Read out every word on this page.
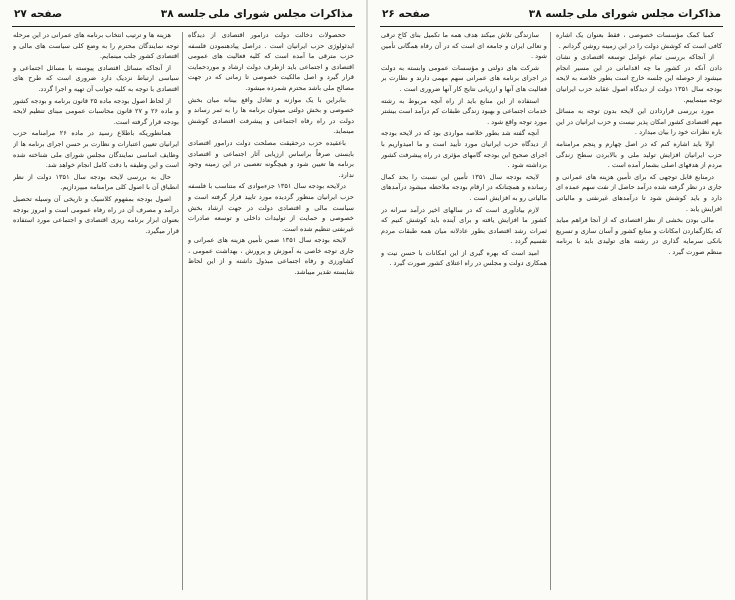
مذاکرات مجلس شورای ملی
جلسه ۳۸
صفحه ۲۷

ححصولات دخالت دولت درامور اقتصادی از دیدگاه ایدئولوژی حزب ایرانیان است . دراصل پیادهنمودن فلسفه حزب مترقی ما آمده است که کلیه فعالیت های عمومی اقتصادی و اجتماعی باید ازطرف دولت ارشاد و موردحمایت قرار گیرد و اصل مالکیت خصوصی تا زمانی که در جهت مصالح ملی باشد محترم شمرده میشود.

بنابراین با یک موازنه و تعادل واقع بینانه میان بخش خصوصی و بخش دولتی میتوان برنامه ها را به ثمر رساند و دولت در راه رفاه اجتماعی و پیشرفت اقتصادی کوشش مینماید.

باعقیده حزب درحقیقت مصلحت دولت درامور اقتصادی بایستی صرفاً براساس ارزیابی آثار اجتماعی و اقتصادی برنامه ها تعیین شود و هیچگونه تعصبی در این زمینه وجود ندارد.

درلایحه بودجه سال ۱۳۵۱ جزءموادی که متناسب با فلسفه حزب ایرانیان منظور گردیده مورد تایید قرار گرفته است و سیاست مالی و اقتصادی دولت در جهت ارشاد بخش خصوصی و حمایت از تولیدات داخلی و توسعه صادرات غیرنفتی تنظیم شده است.

لایحه بودجه سال ۱۳۵۱ ضمن تأمین هزینه های عمرانی و جاری توجه خاصی به آموزش و پرورش ، بهداشت عمومی ، کشاورزی و رفاه اجتماعی مبذول داشته و از این لحاظ شایسته تقدیر میباشد.

هزینه ها و ترتیب انتخاب برنامه های عمرانی در این مرحله توجه نمایندگان محترم را به وضع کلی سیاست های مالی و اقتصادی کشور جلب مینمایم.

از آنجاکه مسائل اقتصادی پیوسته با مسائل اجتماعی و سیاسی ارتباط نزدیک دارد ضروری است که طرح های اقتصادی با توجه به کلیه جوانب آن تهیه و اجرا گردد.

از لحاظ اصول بودجه ماده ۲۵ قانون برنامه و بودجه کشور و ماده ۲۶ و ۲۷ قانون محاسبات عمومی مبنای تنظیم لایحه بودجه قرار گرفته است.

همانطوریکه باطلاع رسید در ماده ۲۶ مرامنامه حزب ایرانیان تعیین اعتبارات و نظارت بر حسن اجرای برنامه ها از وظایف اساسی نمایندگان مجلس شورای ملی شناخته شده است و این وظیفه با دقت کامل انجام خواهد شد.

حال به بررسی لایحه بودجه سال ۱۳۵۱ دولت از نظر انطباق آن با اصول کلی مرامنامه میپردازیم.

اصول بودجه بمفهوم کلاسیک و تاریخی آن وسیله تحصیل درآمد و مصرف آن در راه رفاه عمومی است و امروز بودجه بعنوان ابزار برنامه ریزی اقتصادی و اجتماعی مورد استفاده قرار میگیرد.

مذاکرات مجلس شورای ملی
جلسه ۳۸
صفحه ۲۶

کمبا کمک مؤسسات خصوصی ، فقط بعنوان یک اشاره کافی است که کوشش دولت را در این زمینه روشن گردانم .

از آنجاکه بررسی تمام عوامل توسعه اقتصادی و نشان دادن آنکه در کشور ما چه اقداماتی در این مسیر انجام میشود از حوصله این جلسه خارج است بطور خلاصه به لایحه بودجه سال ۱۳۵۱ دولت از دیدگاه اصول عقاید حزب ایرانیان توجه مینماییم.

مورد بررسی قراردادن این لایحه بدون توجه به مسائل مهم اقتصادی کشور امکان پذیر نیست و حزب ایرانیان در این باره نظرات خود را بیان میدارد .

اولا باید اشاره کنم که در اصل چهارم و پنجم مرامنامه حزب ایرانیان افزایش تولید ملی و بالابردن سطح زندگی مردم از هدفهای اصلی بشمار آمده است .

درمنابع قابل توجهی که برای تأمین هزینه های عمرانی و جاری در نظر گرفته شده درآمد حاصل از نفت سهم عمده ای دارد و باید کوشش شود تا درآمدهای غیرنفتی و مالیاتی افزایش یابد .

مالی بودن بخشی از نظر اقتصادی که از آنجا فراهم میاید که بکارگماردن امکانات و منابع کشور و آسان سازی و تسریع بانکی سرمایه گذاری در رشته های تولیدی باید با برنامه منظم صورت گیرد .

سازندگی تلاش میکند هدف همه ما تکمیل بنای کاخ ترقی و تعالی ایران و جامعه ای است که در آن رفاه همگانی تأمین شود .

شرکت های دولتی و مؤسسات عمومی وابسته به دولت در اجرای برنامه های عمرانی سهم مهمی دارند و نظارت بر فعالیت های آنها و ارزیابی نتایج کار آنها ضروری است .

استفاده از این منابع باید از راه آنچه مربوط به رشته خدمات اجتماعی و بهبود زندگی طبقات کم درآمد است بیشتر مورد توجه واقع شود .

آنچه گفته شد بطور خلاصه مواردی بود که در لایحه بودجه از دیدگاه حزب ایرانیان مورد تأیید است و ما امیدواریم با اجرای صحیح این بودجه گامهای مؤثری در راه پیشرفت کشور برداشته شود .

لایحه بودجه سال ۱۳۵۱ تأمین این نسبت را بحد کمال رسانده و همچنانکه در ارقام بودجه ملاحظه میشود درآمدهای مالیاتی رو به افزایش است .

لازم بیادآوری است که در سالهای اخیر درآمد سرانه در کشور ما افزایش یافته و برای آینده باید کوشش کنیم که ثمرات رشد اقتصادی بطور عادلانه میان همه طبقات مردم تقسیم گردد .

امید است که بهره گیری از این امکانات با حسن نیت و همکاری دولت و مجلس در راه اعتلای کشور صورت گیرد .
